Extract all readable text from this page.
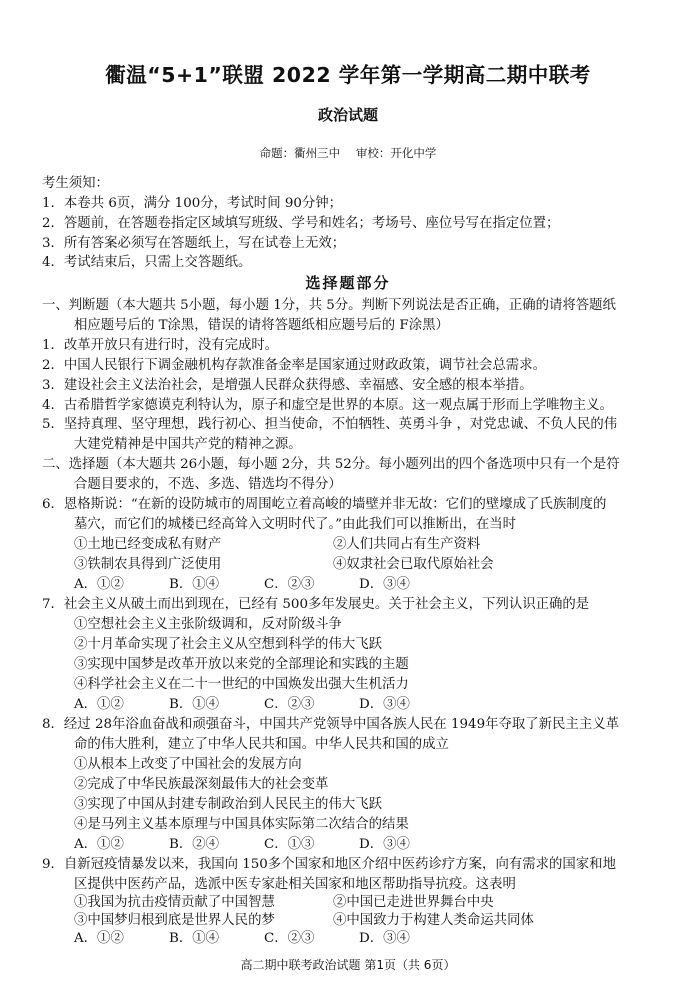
衢温“5+1”联盟 2022 学年第一学期高二期中联考
政治试题
命题：衢州三中 审校：开化中学
考生须知：
1．本卷共 6页，满分 100分，考试时间 90分钟；
2．答题前，在答题卷指定区域填写班级、学号和姓名；考场号、座位号写在指定位置；
3．所有答案必须写在答题纸上，写在试卷上无效；
4．考试结束后，只需上交答题纸。
选择题部分
一、判断题（本大题共 5小题，每小题 1分，共 5分。判断下列说法是否正确，正确的请将答题纸
相应题号后的 T涂黑，错误的请将答题纸相应题号后的 F涂黑）
1．改革开放只有进行时，没有完成时。
2．中国人民银行下调金融机构存款准备金率是国家通过财政政策，调节社会总需求。
3．建设社会主义法治社会，是增强人民群众获得感、幸福感、安全感的根本举措。
4．古希腊哲学家德谟克利特认为，原子和虚空是世界的本原。这一观点属于形而上学唯物主义。
5．坚持真理、坚守理想，践行初心、担当使命，不怕牺牲、英勇斗争 ，对党忠诚、不负人民的伟
大建党精神是中国共产党的精神之源。
二、选择题（本大题共 26小题，每小题 2分，共 52分。每小题列出的四个备选项中只有一个是符
合题目要求的，不选、多选、错选均不得分）
6．恩格斯说：“在新的设防城市的周围屹立着高峻的墙壁并非无故：它们的壁壕成了氏族制度的
墓穴，而它们的城楼已经高耸入文明时代了。”由此我们可以推断出，在当时
①土地已经变成私有财产	②人们共同占有生产资料
③铁制农具得到广泛使用	④奴隶社会已取代原始社会
A．①②	B．①④	C．②③	D．③④
7．社会主义从破土而出到现在，已经有 500多年发展史。关于社会主义，下列认识正确的是
①空想社会主义主张阶级调和，反对阶级斗争
②十月革命实现了社会主义从空想到科学的伟大飞跃
③实现中国梦是改革开放以来党的全部理论和实践的主题
④科学社会主义在二十一世纪的中国焕发出强大生机活力
A．①②	B．①④	C．②③	D．③④
8．经过 28年浴血奋战和顽强奋斗，中国共产党领导中国各族人民在 1949年夺取了新民主主义革
命的伟大胜利，建立了中华人民共和国。中华人民共和国的成立
①从根本上改变了中国社会的发展方向
②完成了中华民族最深刻最伟大的社会变革
③实现了中国从封建专制政治到人民民主的伟大飞跃
④是马列主义基本原理与中国具体实际第二次结合的结果
A．①②	B．②④	C．①③	D．③④
9．自新冠疫情暴发以来，我国向 150多个国家和地区介绍中医药诊疗方案，向有需求的国家和地
区提供中医药产品，选派中医专家赴相关国家和地区帮助指导抗疫。这表明
①我国为抗击疫情贡献了中国智慧	②中国已走进世界舞台中央
③中国梦归根到底是世界人民的梦	④中国致力于构建人类命运共同体
A．①②	B．①④	C．②③	D．③④
高二期中联考政治试题 第1页（共 6页）
